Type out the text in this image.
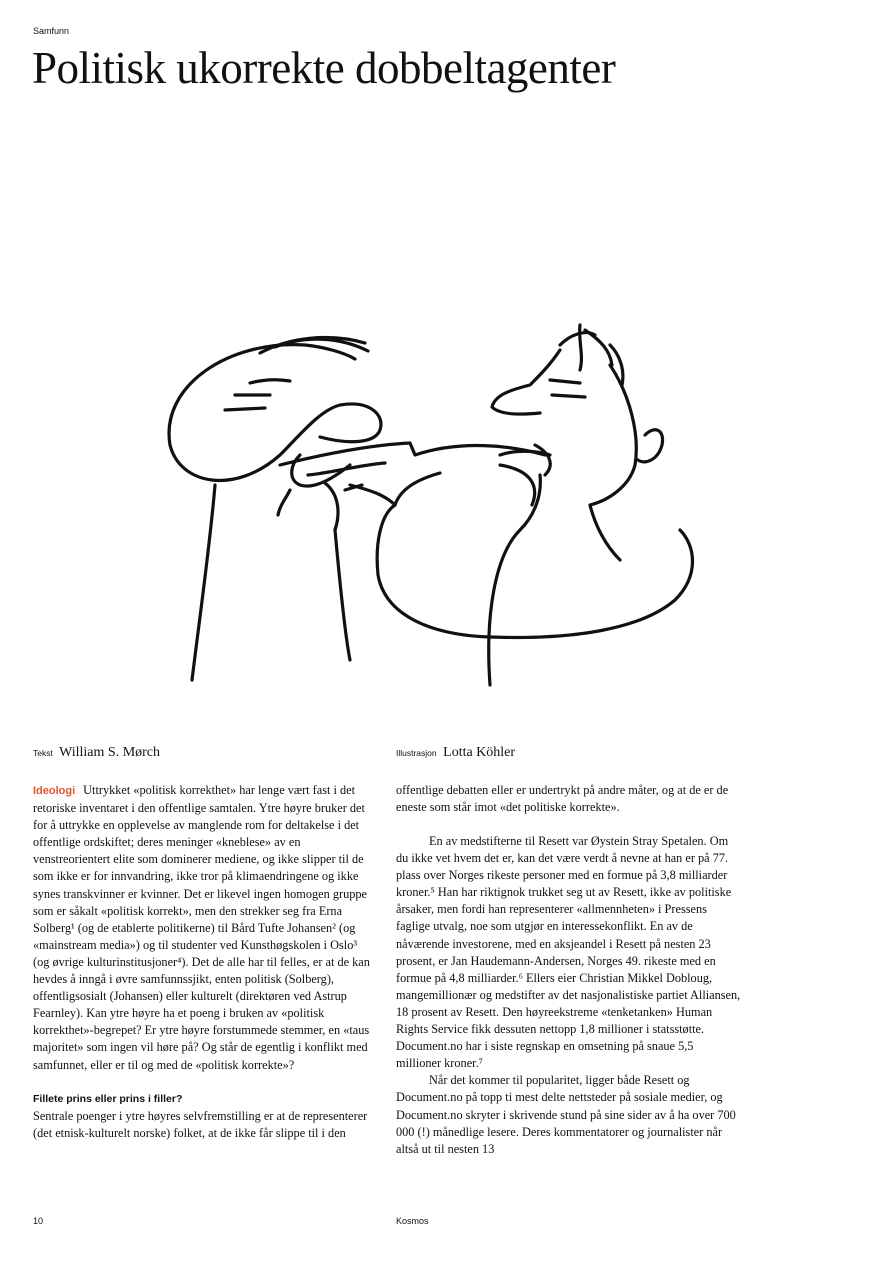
Samfunn
Politisk ukorrekte dobbeltagenter
Tekst William S. Mørch	Illustrasjon Lotta Köhler

Ideologi Uttrykket «politisk korrekthet» har lenge vært fast i det retoriske inventaret i den offentlige samtalen. Ytre høyre bruker det for å uttrykke en opplevelse av manglende rom for deltakelse i det offentlige ordskiftet; deres meninger «kneblese» av en venstreorientert elite som dominerer mediene, og ikke slipper til de som ikke er for innvandring, ikke tror på klimaendringene og ikke synes transkvinner er kvinner. Det er likevel ingen homogen gruppe som er såkalt «politisk korrekt», men den strekker seg fra Erna Solberg¹ (og de etablerte politikerne) til Bård Tufte Johansen² (og «mainstream media») og til studenter ved Kunsthøgskolen i Oslo³ (og øvrige kulturinstitusjoner⁴). Det de alle har til felles, er at de kan hevdes å inngå i øvre samfunnssjikt, enten politisk (Solberg), offentligsosialt (Johansen) eller kulturelt (direktøren ved Astrup Fearnley). Kan ytre høyre ha et poeng i bruken av «politisk korrekthet»-begrepet? Er ytre høyre forstummede stemmer, en «taus majoritet» som ingen vil høre på? Og står de egentlig i konflikt med samfunnet, eller er til og med de «politisk korrekte»?

Fillete prins eller prins i filler?

Sentrale poenger i ytre høyres selvfremstilling er at de representerer (det etnisk-kulturelt norske) folket, at de ikke får slippe til i den

offentlige debatten eller er undertrykt på andre måter, og at de er de eneste som står imot «det politiske korrekte».

En av medstifterne til Resett var Øystein Stray Spetalen. Om du ikke vet hvem det er, kan det være verdt å nevne at han er på 77. plass over Norges rikeste personer med en formue på 3,8 milliarder kroner.⁵ Han har riktignok trukket seg ut av Resett, ikke av politiske årsaker, men fordi han representerer «allmennheten» i Pressens faglige utvalg, noe som utgjør en interessekonflikt. En av de nåværende investorene, med en aksjeandel i Resett på nesten 23 prosent, er Jan Haudemann-Andersen, Norges 49. rikeste med en formue på 4,8 milliarder.⁶ Ellers eier Christian Mikkel Dobloug, mangemillionær og medstifter av det nasjonalistiske partiet Alliansen, 18 prosent av Resett. Den høyreekstreme «tenketanken» Human Rights Service fikk dessuten nettopp 1,8 millioner i statsstøtte. Document.no har i siste regnskap en omsetning på snaue 5,5 millioner kroner.⁷

Når det kommer til popularitet, ligger både Resett og Document.no på topp ti mest delte nettsteder på sosiale medier, og Document.no skryter i skrivende stund på sine sider av å ha over 700 000 (!) månedlige lesere. Deres kommentatorer og journalister når altså ut til nesten 13

10	Kosmos
